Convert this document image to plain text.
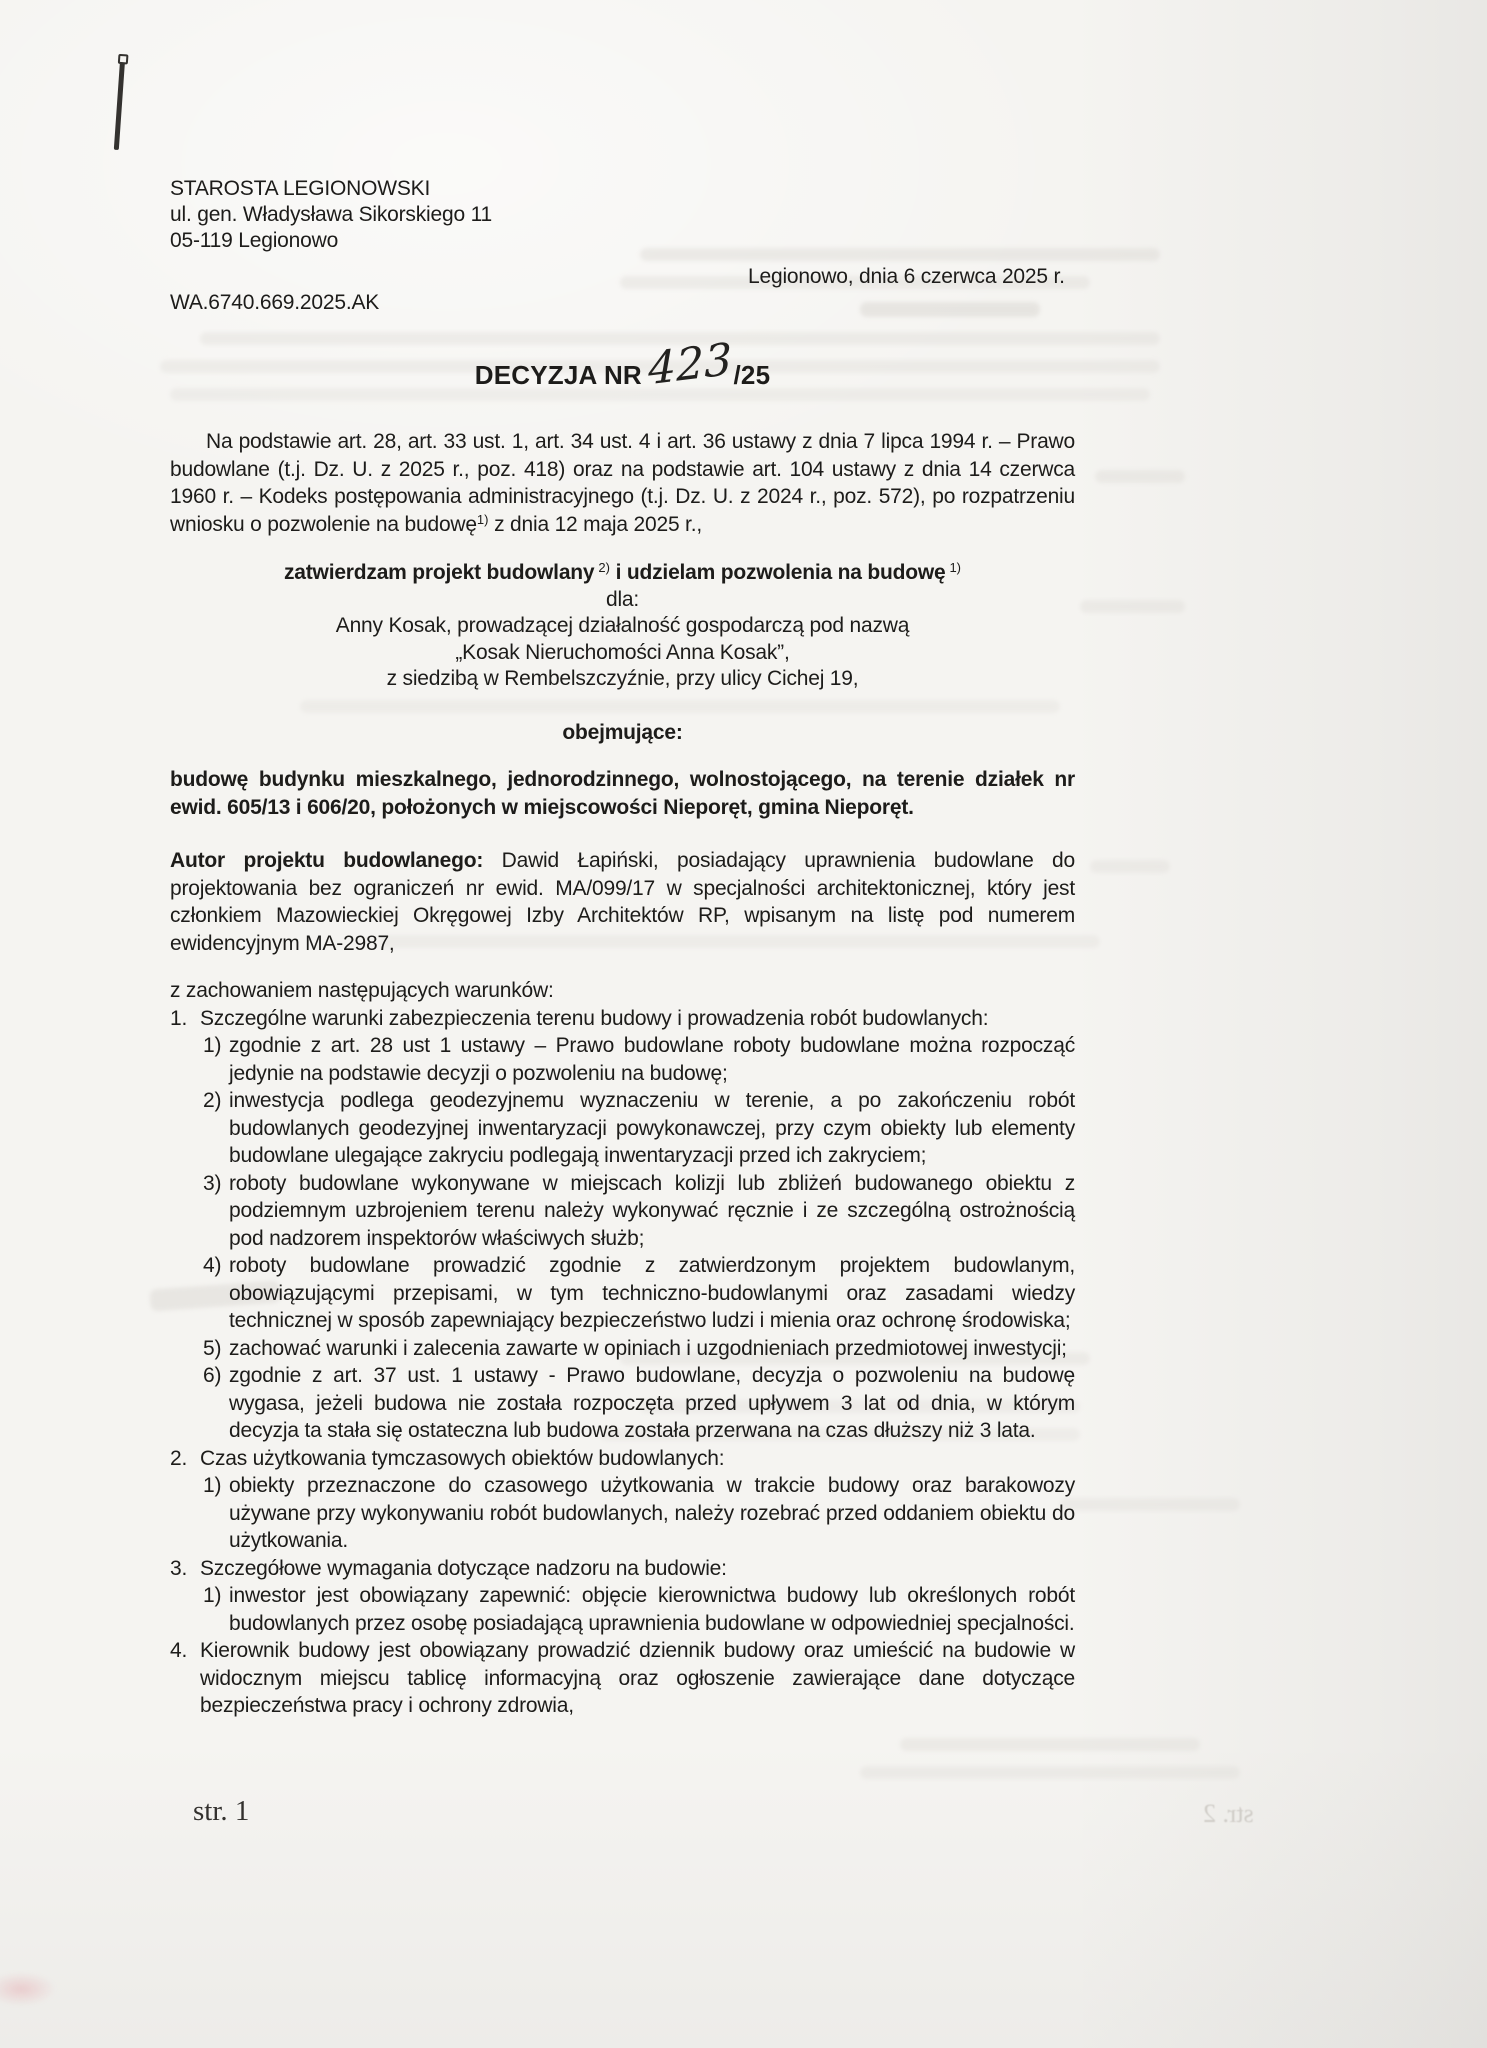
str. 2
STAROSTA LEGIONOWSKI
ul. gen. Władysława Sikorskiego 11
05-119 Legionowo
Legionowo, dnia 6 czerwca 2025 r.
WA.6740.669.2025.AK
DECYZJA NR 423/25

Na podstawie art. 28, art. 33 ust. 1, art. 34 ust. 4 i art. 36 ustawy z dnia 7 lipca 1994 r. – Prawo budowlane (t.j. Dz. U. z 2025 r., poz. 418) oraz na podstawie art. 104 ustawy z dnia 14 czerwca 1960 r. – Kodeks postępowania administracyjnego (t.j. Dz. U. z 2024 r., poz. 572), po rozpatrzeniu wniosku o pozwolenie na budowę$^{1)}$ z dnia 12 maja 2025 r.,

zatwierdzam projekt budowlany $^{2)}$ i udzielam pozwolenia na budowę $^{1)}$
dla:
Anny Kosak, prowadzącej działalność gospodarczą pod nazwą
„Kosak Nieruchomości Anna Kosak”,
z siedzibą w Rembelszczyźnie, przy ulicy Cichej 19,
obejmujące:

budowę budynku mieszkalnego, jednorodzinnego, wolnostojącego, na terenie działek nr ewid. 605/13 i 606/20, położonych w miejscowości Nieporęt, gmina Nieporęt.

Autor projektu budowlanego: Dawid Łapiński, posiadający uprawnienia budowlane do projektowania bez ograniczeń nr ewid. MA/099/17 w specjalności architektonicznej, który jest członkiem Mazowieckiej Okręgowej Izby Architektów RP, wpisanym na listę pod numerem ewidencyjnym MA-2987,

z zachowaniem następujących warunków:
1. Szczególne warunki zabezpieczenia terenu budowy i prowadzenia robót budowlanych:
1) zgodnie z art. 28 ust 1 ustawy – Prawo budowlane roboty budowlane można rozpocząć jedynie na podstawie decyzji o pozwoleniu na budowę;
2) inwestycja podlega geodezyjnemu wyznaczeniu w terenie, a po zakończeniu robót budowlanych geodezyjnej inwentaryzacji powykonawczej, przy czym obiekty lub elementy budowlane ulegające zakryciu podlegają inwentaryzacji przed ich zakryciem;
3) roboty budowlane wykonywane w miejscach kolizji lub zbliżeń budowanego obiektu z podziemnym uzbrojeniem terenu należy wykonywać ręcznie i ze szczególną ostrożnością pod nadzorem inspektorów właściwych służb;
4) roboty budowlane prowadzić zgodnie z zatwierdzonym projektem budowlanym, obowiązującymi przepisami, w tym techniczno-budowlanymi oraz zasadami wiedzy technicznej w sposób zapewniający bezpieczeństwo ludzi i mienia oraz ochronę środowiska;
5) zachować warunki i zalecenia zawarte w opiniach i uzgodnieniach przedmiotowej inwestycji;
6) zgodnie z art. 37 ust. 1 ustawy - Prawo budowlane, decyzja o pozwoleniu na budowę wygasa, jeżeli budowa nie została rozpoczęta przed upływem 3 lat od dnia, w którym decyzja ta stała się ostateczna lub budowa została przerwana na czas dłuższy niż 3 lata.
2. Czas użytkowania tymczasowych obiektów budowlanych:
1) obiekty przeznaczone do czasowego użytkowania w trakcie budowy oraz barakowozy używane przy wykonywaniu robót budowlanych, należy rozebrać przed oddaniem obiektu do użytkowania.
3. Szczegółowe wymagania dotyczące nadzoru na budowie:
1) inwestor jest obowiązany zapewnić: objęcie kierownictwa budowy lub określonych robót budowlanych przez osobę posiadającą uprawnienia budowlane w odpowiedniej specjalności.
4. Kierownik budowy jest obowiązany prowadzić dziennik budowy oraz umieścić na budowie w widocznym miejscu tablicę informacyjną oraz ogłoszenie zawierające dane dotyczące bezpieczeństwa pracy i ochrony zdrowia,
str. 1
